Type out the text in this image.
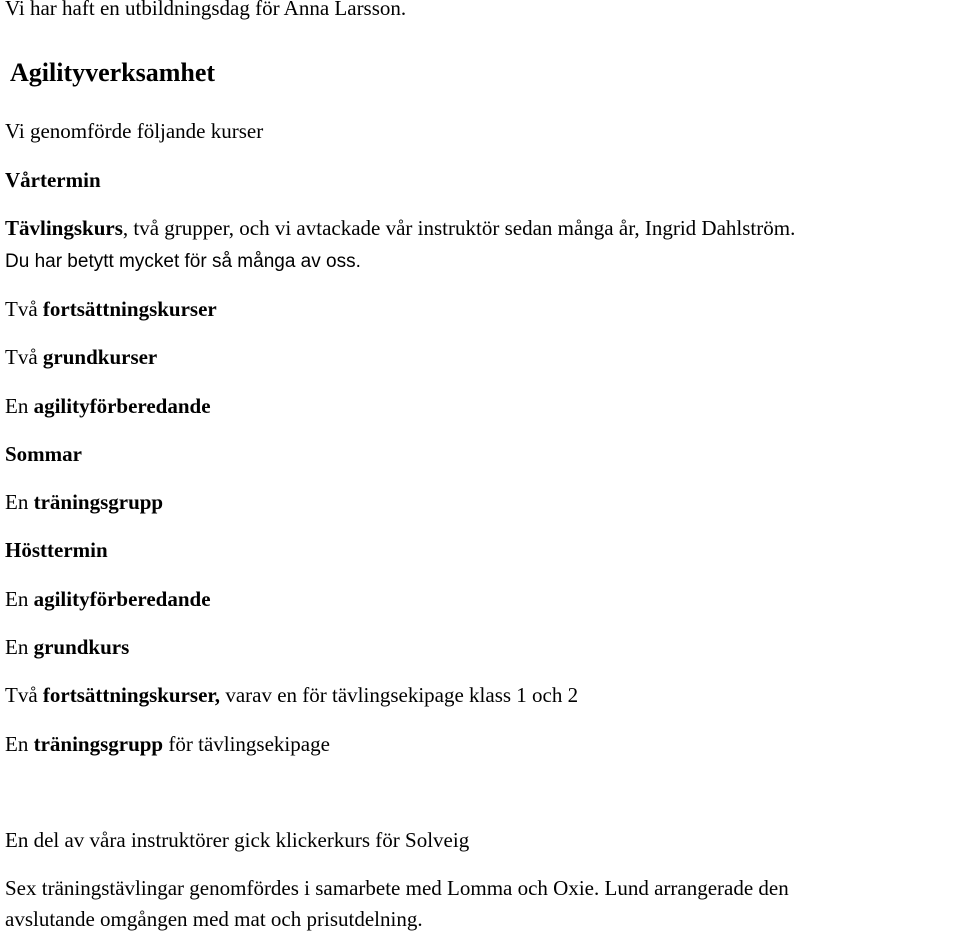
Vi har haft en utbildningsdag för Anna Larsson.
Agilityverksamhet
Vi genomförde följande kurser
Vårtermin
Tävlingskurs, två grupper, och vi avtackade vår instruktör sedan många år, Ingrid Dahlström.
Du har betytt mycket för så många av oss.
Två fortsättningskurser
Två grundkurser
En agilityförberedande
Sommar
En träningsgrupp
Hösttermin
En agilityförberedande
En grundkurs
Två fortsättningskurser, varav en för tävlingsekipage klass 1 och 2
En träningsgrupp för tävlingsekipage
En del av våra instruktörer gick klickerkurs för Solveig
Sex träningstävlingar genomfördes i samarbete med Lomma och Oxie. Lund arrangerade den
avslutande omgången med mat och prisutdelning.
